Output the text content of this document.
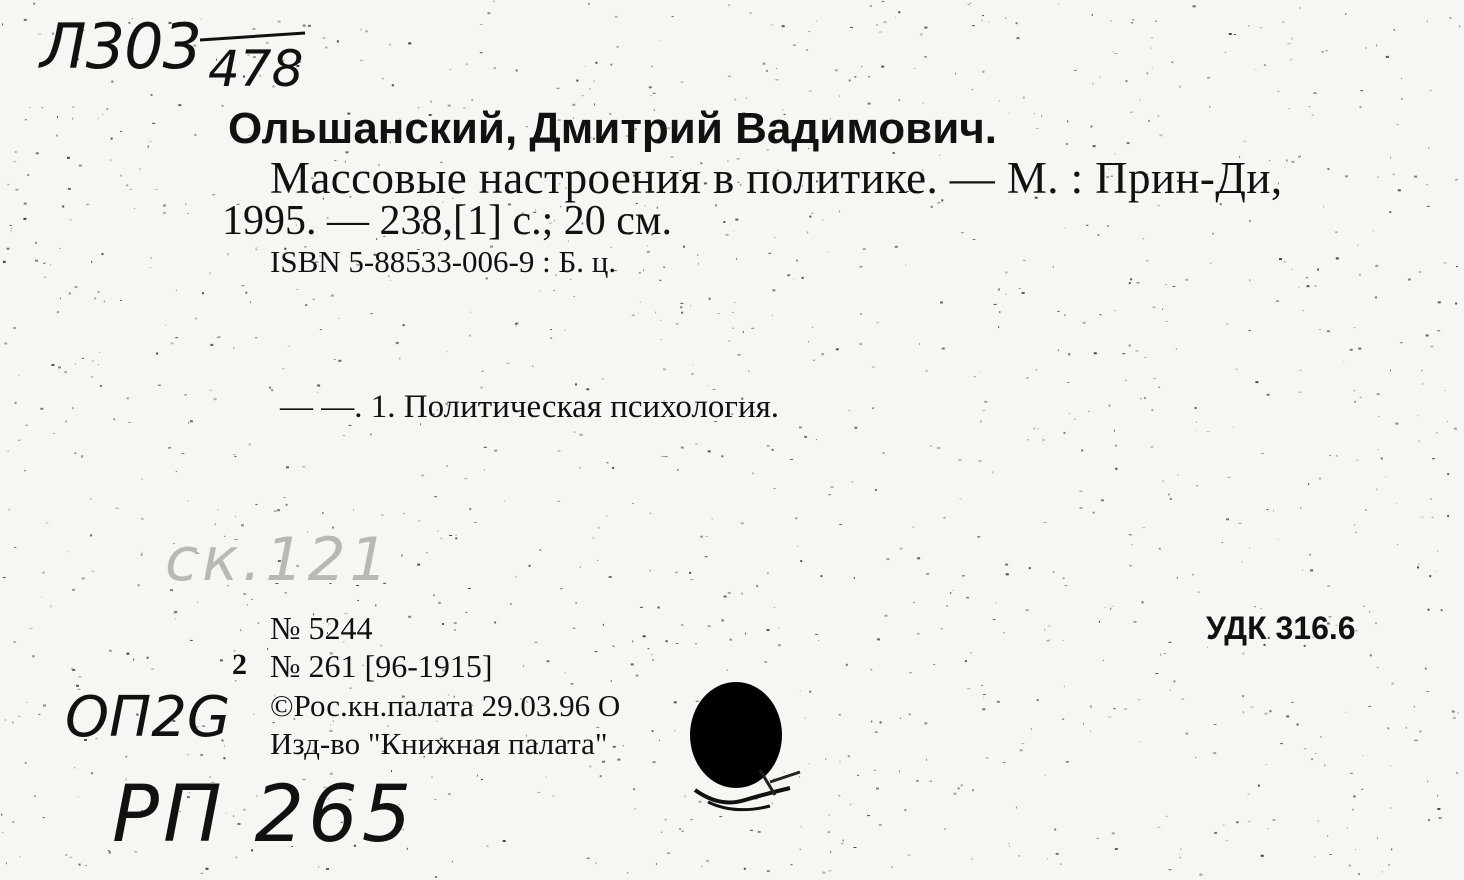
Л303 478
ск.121
ОП2G
РП 265
Ольшанский, Дмитрий Вадимович.
Массовые настроения в политике. — М. : Прин-Ди,
1995. — 238,[1] с.; 20 см.
ISBN 5-88533-006-9 : Б. ц.
— —. 1. Политическая психология.
№ 5244
2 № 261 [96-1915]
©Рос.кн.палата 29.03.96 О
Изд-во "Книжная палата"
УДК 316.6
